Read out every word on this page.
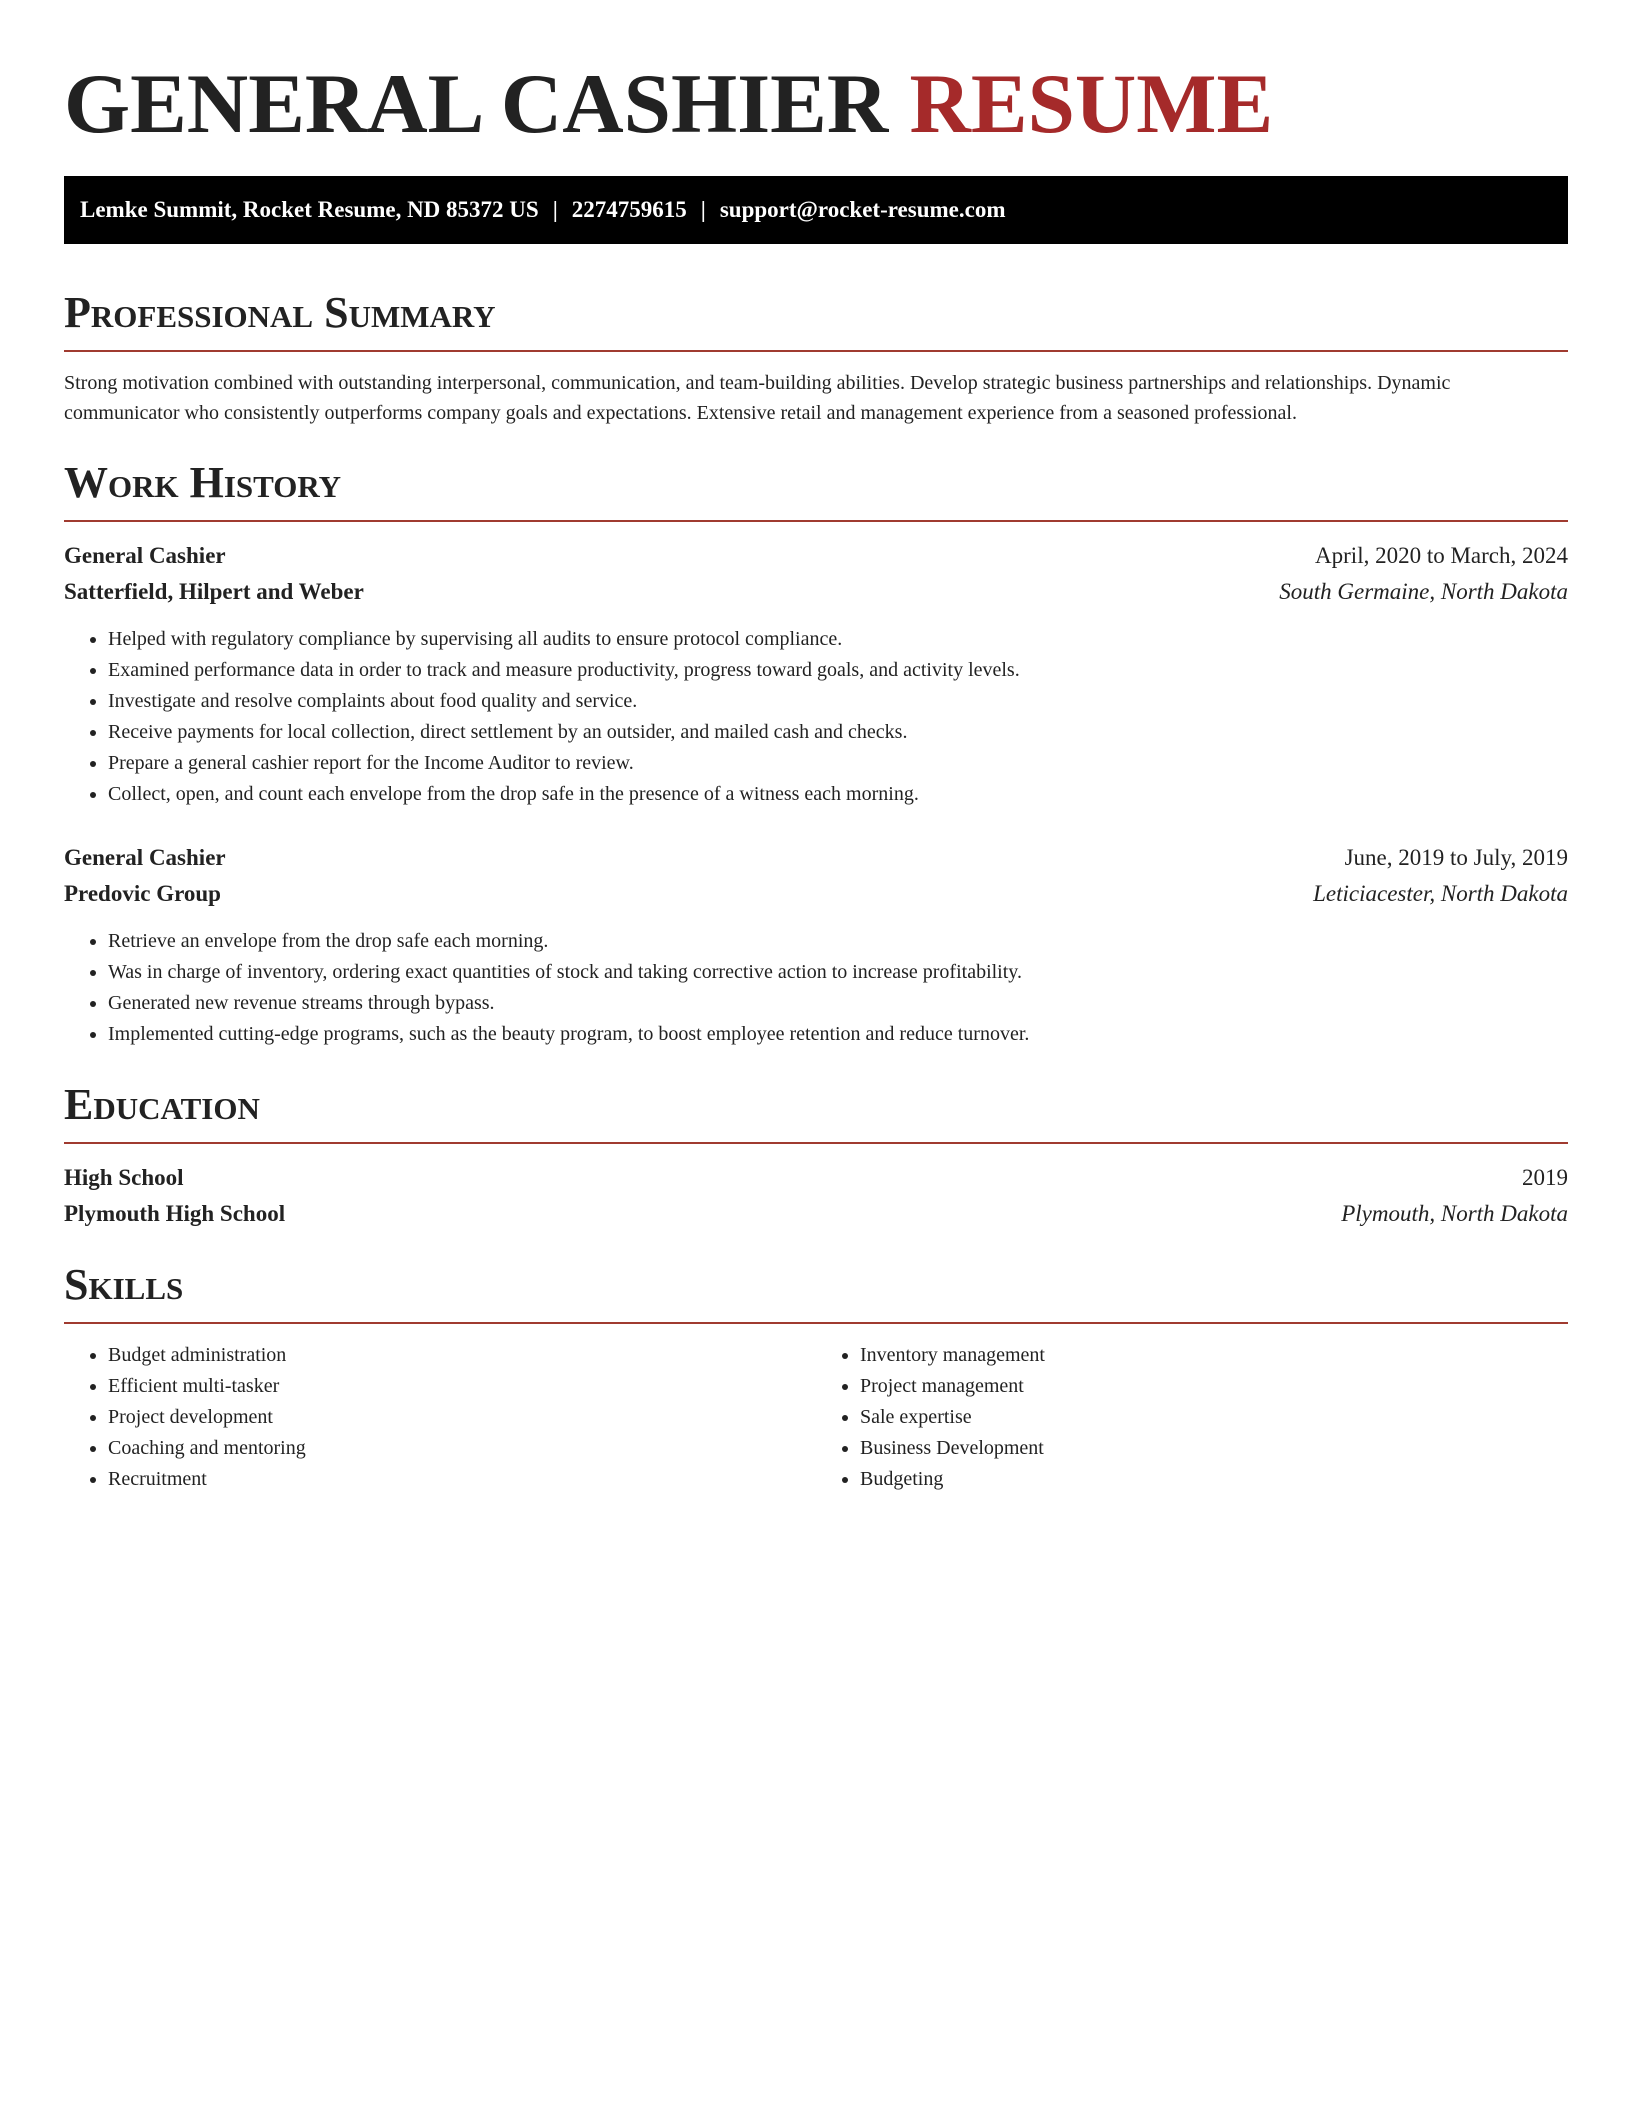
GENERAL CASHIER RESUME
Lemke Summit, Rocket Resume, ND 85372 US | 2274759615 | support@rocket-resume.com
Professional Summary

Strong motivation combined with outstanding interpersonal, communication, and team-building abilities. Develop strategic business partnerships and relationships. Dynamic communicator who consistently outperforms company goals and expectations. Extensive retail and management experience from a seasoned professional.

Work History
General Cashier	April, 2020 to March, 2024
Satterfield, Hilpert and Weber	South Germaine, North Dakota
• Helped with regulatory compliance by supervising all audits to ensure protocol compliance.
• Examined performance data in order to track and measure productivity, progress toward goals, and activity levels.
• Investigate and resolve complaints about food quality and service.
• Receive payments for local collection, direct settlement by an outsider, and mailed cash and checks.
• Prepare a general cashier report for the Income Auditor to review.
• Collect, open, and count each envelope from the drop safe in the presence of a witness each morning.
General Cashier	June, 2019 to July, 2019
Predovic Group	Leticiacester, North Dakota
• Retrieve an envelope from the drop safe each morning.
• Was in charge of inventory, ordering exact quantities of stock and taking corrective action to increase profitability.
• Generated new revenue streams through bypass.
• Implemented cutting-edge programs, such as the beauty program, to boost employee retention and reduce turnover.
Education
High School	2019
Plymouth High School	Plymouth, North Dakota
Skills
• Budget administration
• Efficient multi-tasker
• Project development
• Coaching and mentoring
• Recruitment
• Inventory management
• Project management
• Sale expertise
• Business Development
• Budgeting
